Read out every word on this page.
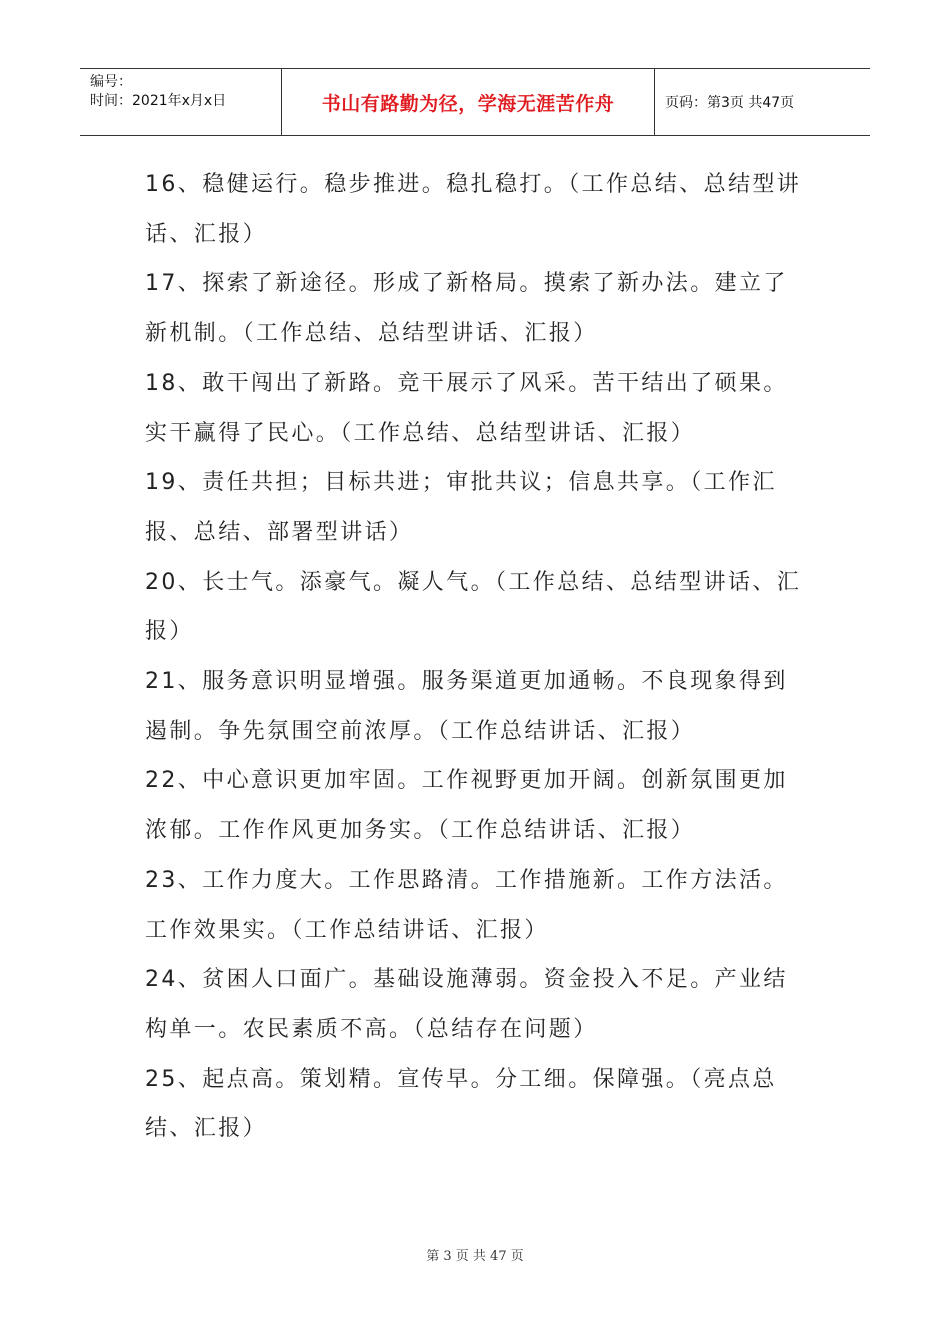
编号：
时间：2021年x月x日	书山有路勤为径，学海无涯苦作舟	页码：第3页 共47页

16、稳健运行。稳步推进。稳扎稳打。（工作总结、总结型讲话、汇报）

17、探索了新途径。形成了新格局。摸索了新办法。建立了新机制。（工作总结、总结型讲话、汇报）

18、敢干闯出了新路。竞干展示了风采。苦干结出了硕果。实干赢得了民心。（工作总结、总结型讲话、汇报）

19、责任共担；目标共进；审批共议；信息共享。（工作汇报、总结、部署型讲话）

20、长士气。添豪气。凝人气。（工作总结、总结型讲话、汇报）

21、服务意识明显增强。服务渠道更加通畅。不良现象得到遏制。争先氛围空前浓厚。（工作总结讲话、汇报）

22、中心意识更加牢固。工作视野更加开阔。创新氛围更加浓郁。工作作风更加务实。（工作总结讲话、汇报）

23、工作力度大。工作思路清。工作措施新。工作方法活。工作效果实。（工作总结讲话、汇报）

24、贫困人口面广。基础设施薄弱。资金投入不足。产业结构单一。农民素质不高。（总结存在问题）

25、起点高。策划精。宣传早。分工细。保障强。（亮点总结、汇报）

第 3 页 共 47 页
